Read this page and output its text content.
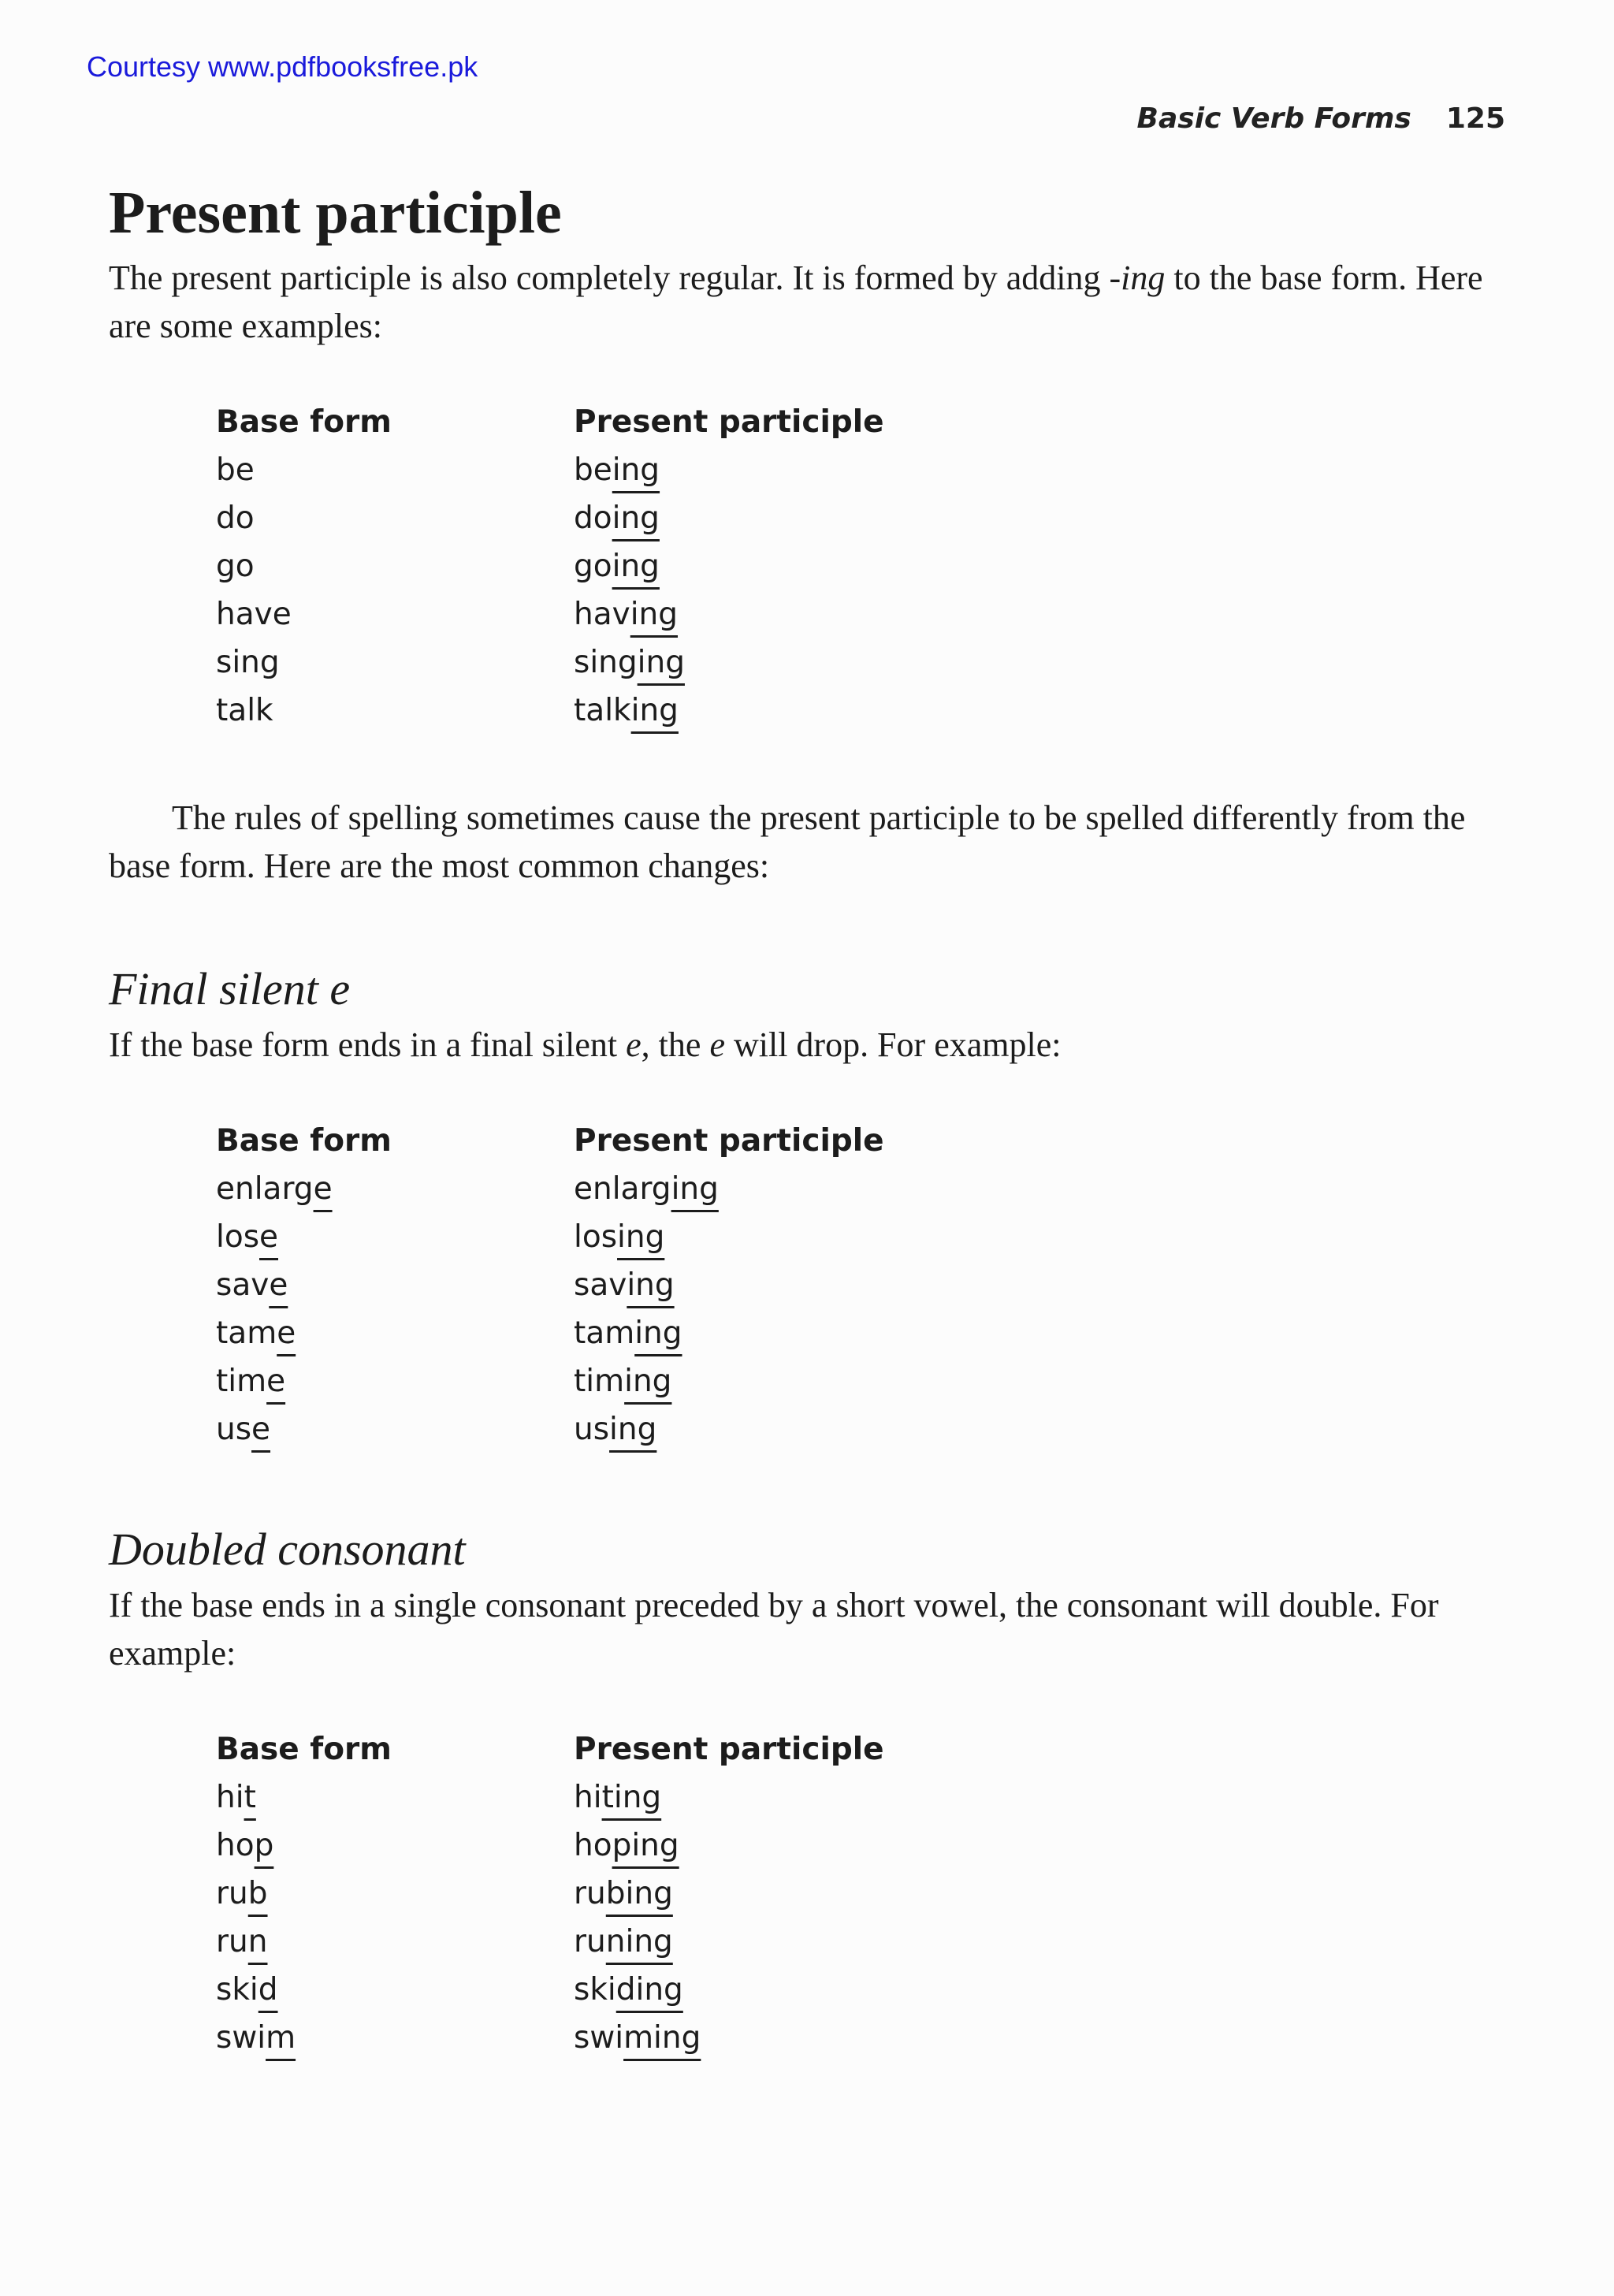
Courtesy www.pdfbooksfree.pk
Basic Verb Forms 125
Present participle

The present participle is also completely regular. It is formed by adding -ing to the base form. Here are some examples:

Base form	Present participle
be	being
do	doing
go	going
have	having
sing	singing
talk	talking

The rules of spelling sometimes cause the present participle to be spelled differently from the base form. Here are the most common changes:

Final silent e

If the base form ends in a final silent e, the e will drop. For example:

Base form	Present participle
enlarge	enlarging
lose	losing
save	saving
tame	taming
time	timing
use	using
Doubled consonant

If the base ends in a single consonant preceded by a short vowel, the consonant will double. For example:

Base form	Present participle
hit	hiting
hop	hoping
rub	rubing
run	runing
skid	skiding
swim	swiming
